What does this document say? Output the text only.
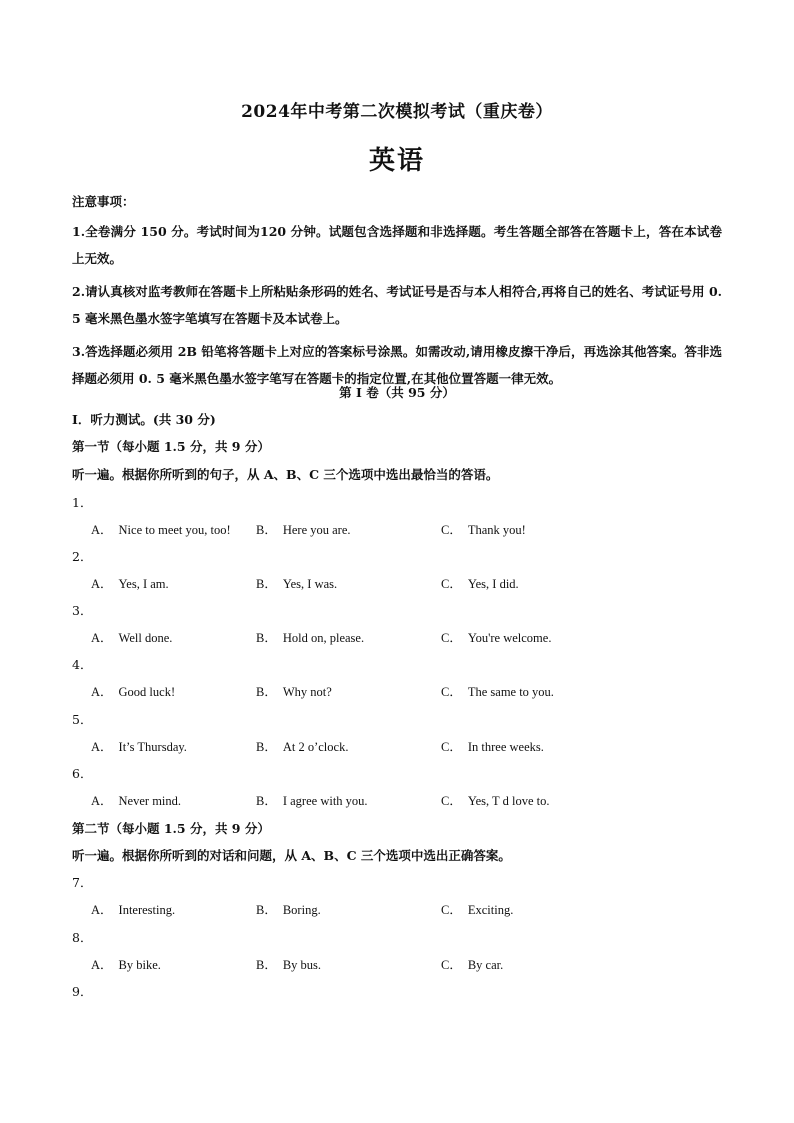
2024年中考第二次模拟考试（重庆卷）
英语
注意事项：

1.全卷满分 150 分。考试时间为120 分钟。试题包含选择题和非选择题。考生答题全部答在答题卡上，答在本试卷上无效。

2.请认真核对监考教师在答题卡上所粘贴条形码的姓名、考试证号是否与本人相符合,再将自己的姓名、考试证号用 0. 5 毫米黑色墨水签字笔填写在答题卡及本试卷上。

3.答选择题必须用 2B 铅笔将答题卡上对应的答案标号涂黑。如需改动,请用橡皮擦干净后，再选涂其他答案。答非选择题必须用 0. 5 毫米黑色墨水签字笔写在答题卡的指定位置,在其他位置答题一律无效。

第 I 卷（共 95 分）
Ⅰ．听力测试。(共 30 分)
第一节（每小题 1.5 分，共 9 分）
听一遍。根据你所听到的句子，从 A、B、C 三个选项中选出最恰当的答语。
1．
A． Nice to meet you, too! B． Here you are.	C． Thank you!
2．
A． Yes, I am.	B． Yes, I was.	C． Yes, I did.
3．
A． Well done.	B． Hold on, please.	C． You're welcome.
4．
A． Good luck!	B． Why not?	C． The same to you.
5．
A． It’s Thursday.	B． At 2 o’clock.	C． In three weeks.
6．
A． Never mind.	B． I agree with you.	C． Yes, T d love to.
第二节（每小题 1.5 分，共 9 分）
听一遍。根据你所听到的对话和问题，从 A、B、C 三个选项中选出正确答案。
7．
A． Interesting.	B． Boring.	C． Exciting.
8．
A． By bike.	B． By bus.	C． By car.
9．
